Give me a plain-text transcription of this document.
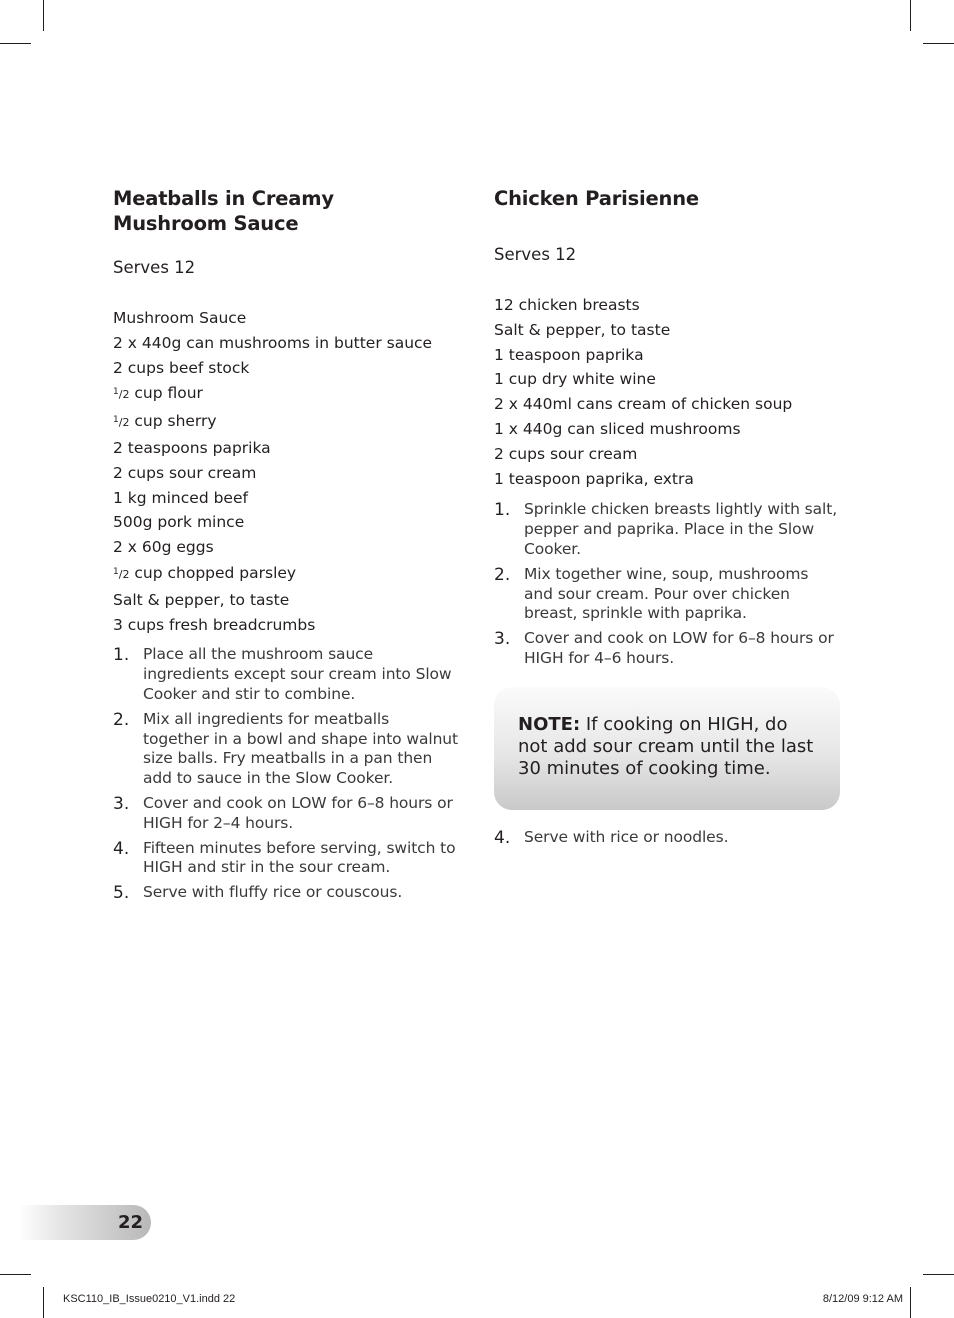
Meatballs in Creamy
Mushroom Sauce

Serves 12

Mushroom Sauce
2 x 440g can mushrooms in butter sauce
2 cups beef stock
$^1$/2 cup flour
$^1$/2 cup sherry
2 teaspoons paprika
2 cups sour cream
1 kg minced beef
500g pork mince
2 x 60g eggs
$^1$/2 cup chopped parsley
Salt & pepper, to taste
3 cups fresh breadcrumbs
1. Place all the mushroom sauce ingredients except sour cream into Slow Cooker and stir to combine.
2. Mix all ingredients for meatballs together in a bowl and shape into walnut size balls. Fry meatballs in a pan then add to sauce in the Slow Cooker.
3. Cover and cook on LOW for 6–8 hours or HIGH for 2–4 hours.
4. Fifteen minutes before serving, switch to HIGH and stir in the sour cream.
5. Serve with fluffy rice or couscous.
Chicken Parisienne

Serves 12

12 chicken breasts
Salt & pepper, to taste
1 teaspoon paprika
1 cup dry white wine
2 x 440ml cans cream of chicken soup
1 x 440g can sliced mushrooms
2 cups sour cream
1 teaspoon paprika, extra
1. Sprinkle chicken breasts lightly with salt, pepper and paprika. Place in the Slow Cooker.
2. Mix together wine, soup, mushrooms and sour cream. Pour over chicken breast, sprinkle with paprika.
3. Cover and cook on LOW for 6–8 hours or HIGH for 4–6 hours.
NOTE: If cooking on HIGH, do not add sour cream until the last 30 minutes of cooking time.
4. Serve with rice or noodles.
22
KSC110_IB_Issue0210_V1.indd 22	8/12/09 9:12 AM
